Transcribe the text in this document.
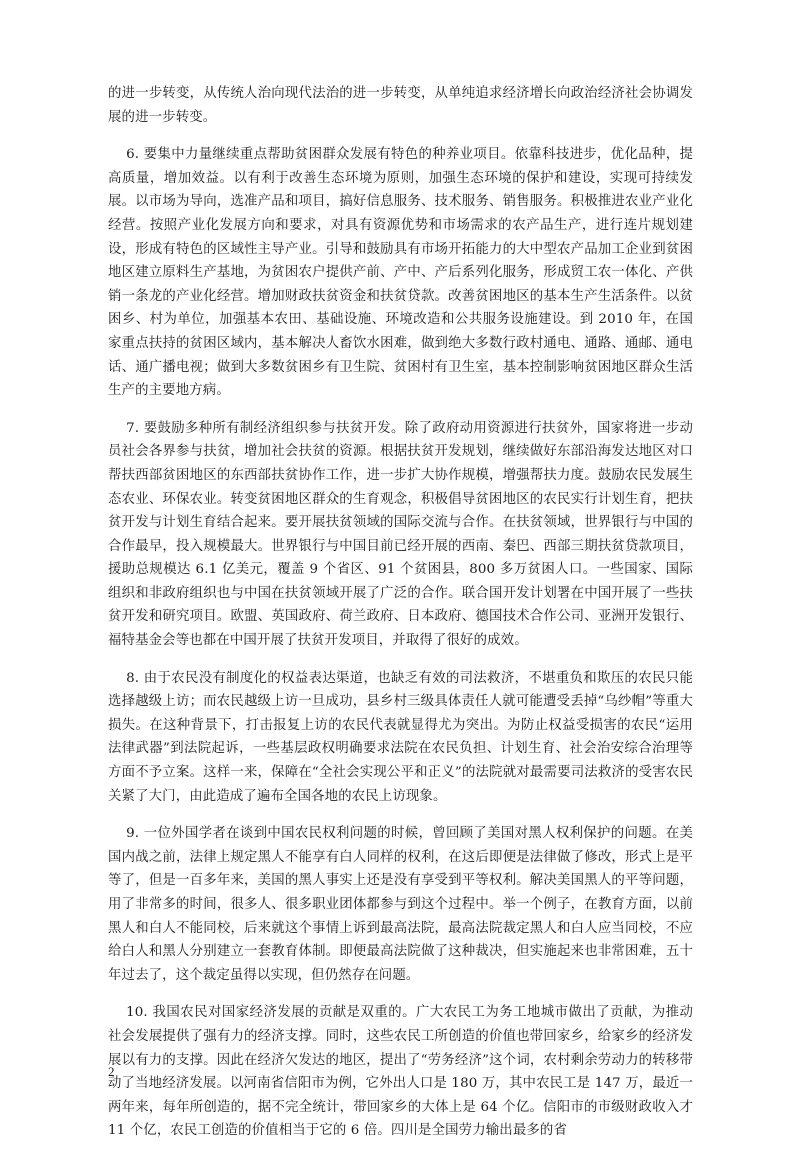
的进一步转变，从传统人治向现代法治的进一步转变，从单纯追求经济增长向政治经济社会协调发展的进一步转变。

6. 要集中力量继续重点帮助贫困群众发展有特色的种养业项目。依靠科技进步，优化品种，提高质量，增加效益。以有利于改善生态环境为原则，加强生态环境的保护和建设，实现可持续发展。以市场为导向，选准产品和项目，搞好信息服务、技术服务、销售服务。积极推进农业产业化经营。按照产业化发展方向和要求，对具有资源优势和市场需求的农产品生产，进行连片规划建设，形成有特色的区域性主导产业。引导和鼓励具有市场开拓能力的大中型农产品加工企业到贫困地区建立原料生产基地，为贫困农户提供产前、产中、产后系列化服务，形成贸工农一体化、产供销一条龙的产业化经营。增加财政扶贫资金和扶贫贷款。改善贫困地区的基本生产生活条件。以贫困乡、村为单位，加强基本农田、基础设施、环境改造和公共服务设施建设。到 2010 年，在国家重点扶持的贫困区域内，基本解决人畜饮水困难，做到绝大多数行政村通电、通路、通邮、通电话、通广播电视；做到大多数贫困乡有卫生院、贫困村有卫生室，基本控制影响贫困地区群众生活生产的主要地方病。

7. 要鼓励多种所有制经济组织参与扶贫开发。除了政府动用资源进行扶贫外，国家将进一步动员社会各界参与扶贫，增加社会扶贫的资源。根据扶贫开发规划，继续做好东部沿海发达地区对口帮扶西部贫困地区的东西部扶贫协作工作，进一步扩大协作规模，增强帮扶力度。鼓励农民发展生态农业、环保农业。转变贫困地区群众的生育观念，积极倡导贫困地区的农民实行计划生育，把扶贫开发与计划生育结合起来。要开展扶贫领域的国际交流与合作。在扶贫领域，世界银行与中国的合作最早，投入规模最大。世界银行与中国目前已经开展的西南、秦巴、西部三期扶贫贷款项目，援助总规模达 6.1 亿美元，覆盖 9 个省区、91 个贫困县，800 多万贫困人口。一些国家、国际组织和非政府组织也与中国在扶贫领域开展了广泛的合作。联合国开发计划署在中国开展了一些扶贫开发和研究项目。欧盟、英国政府、荷兰政府、日本政府、德国技术合作公司、亚洲开发银行、福特基金会等也都在中国开展了扶贫开发项目，并取得了很好的成效。

8. 由于农民没有制度化的权益表达渠道，也缺乏有效的司法救济，不堪重负和欺压的农民只能选择越级上访；而农民越级上访一旦成功，县乡村三级具体责任人就可能遭受丢掉“乌纱帽”等重大损失。在这种背景下，打击报复上访的农民代表就显得尤为突出。为防止权益受损害的农民“运用法律武器”到法院起诉，一些基层政权明确要求法院在农民负担、计划生育、社会治安综合治理等方面不予立案。这样一来，保障在“全社会实现公平和正义”的法院就对最需要司法救济的受害农民关紧了大门，由此造成了遍布全国各地的农民上访现象。

9. 一位外国学者在谈到中国农民权利问题的时候，曾回顾了美国对黑人权利保护的问题。在美国内战之前，法律上规定黑人不能享有白人同样的权利，在这后即便是法律做了修改，形式上是平等了，但是一百多年来，美国的黑人事实上还是没有享受到平等权利。解决美国黑人的平等问题，用了非常多的时间，很多人、很多职业团体都参与到这个过程中。举一个例子，在教育方面，以前黑人和白人不能同校，后来就这个事情上诉到最高法院，最高法院裁定黑人和白人应当同校，不应给白人和黑人分别建立一套教育体制。即便最高法院做了这种裁决，但实施起来也非常困难，五十年过去了，这个裁定虽得以实现，但仍然存在问题。

10. 我国农民对国家经济发展的贡献是双重的。广大农民工为务工地城市做出了贡献，为推动社会发展提供了强有力的经济支撑。同时，这些农民工所创造的价值也带回家乡，给家乡的经济发展以有力的支撑。因此在经济欠发达的地区，提出了“劳务经济”这个词，农村剩余劳动力的转移带动了当地经济发展。以河南省信阳市为例，它外出人口是 180 万，其中农民工是 147 万，最近一两年来，每年所创造的，据不完全统计，带回家乡的大体上是 64 个亿。信阳市的市级财政收入才 11 个亿，农民工创造的价值相当于它的 6 倍。四川是全国劳力输出最多的省

2
